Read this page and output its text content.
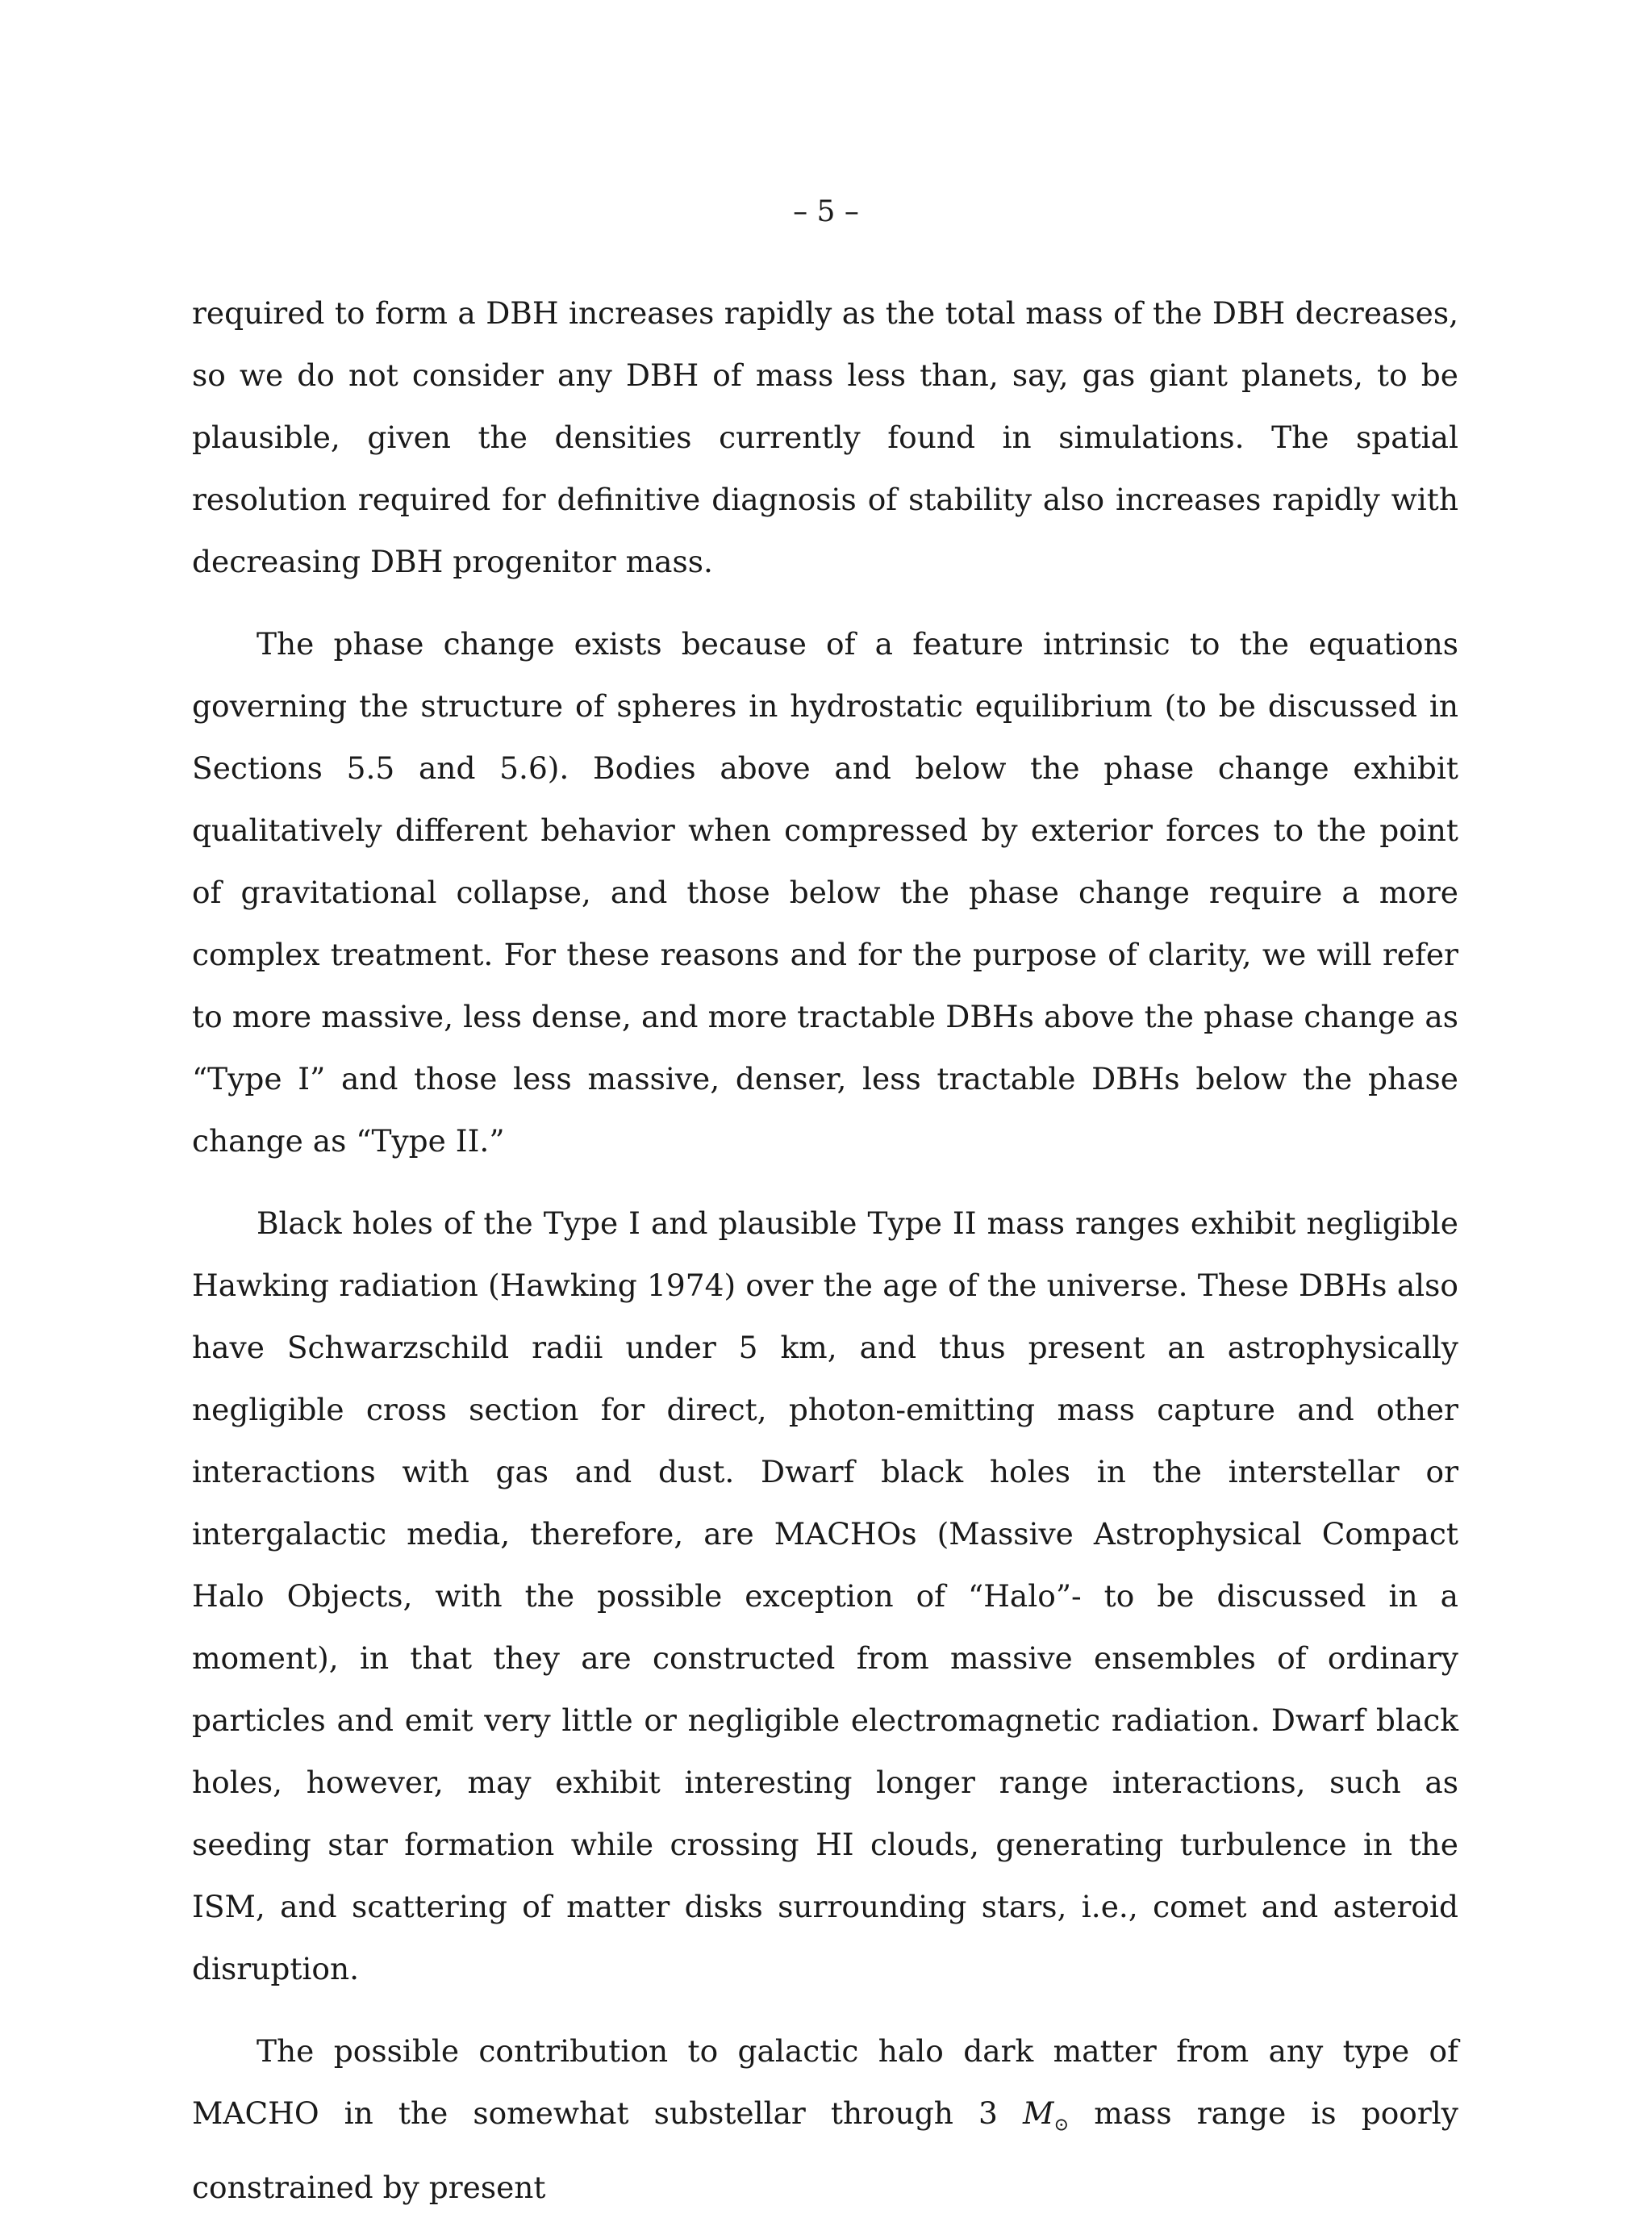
– 5 –

required to form a DBH increases rapidly as the total mass of the DBH decreases, so we do not consider any DBH of mass less than, say, gas giant planets, to be plausible, given the densities currently found in simulations. The spatial resolution required for definitive diagnosis of stability also increases rapidly with decreasing DBH progenitor mass.

The phase change exists because of a feature intrinsic to the equations governing the structure of spheres in hydrostatic equilibrium (to be discussed in Sections 5.5 and 5.6). Bodies above and below the phase change exhibit qualitatively different behavior when compressed by exterior forces to the point of gravitational collapse, and those below the phase change require a more complex treatment. For these reasons and for the purpose of clarity, we will refer to more massive, less dense, and more tractable DBHs above the phase change as “Type I” and those less massive, denser, less tractable DBHs below the phase change as “Type II.”

Black holes of the Type I and plausible Type II mass ranges exhibit negligible Hawking radiation (Hawking 1974) over the age of the universe. These DBHs also have Schwarzschild radii under 5 km, and thus present an astrophysically negligible cross section for direct, photon-emitting mass capture and other interactions with gas and dust. Dwarf black holes in the interstellar or intergalactic media, therefore, are MACHOs (Massive Astrophysical Compact Halo Objects, with the possible exception of “Halo”- to be discussed in a moment), in that they are constructed from massive ensembles of ordinary particles and emit very little or negligible electromagnetic radiation. Dwarf black holes, however, may exhibit interesting longer range interactions, such as seeding star formation while crossing HI clouds, generating turbulence in the ISM, and scattering of matter disks surrounding stars, i.e., comet and asteroid disruption.

The possible contribution to galactic halo dark matter from any type of MACHO in the somewhat substellar through 3 $M_⊙$ mass range is poorly constrained by present
